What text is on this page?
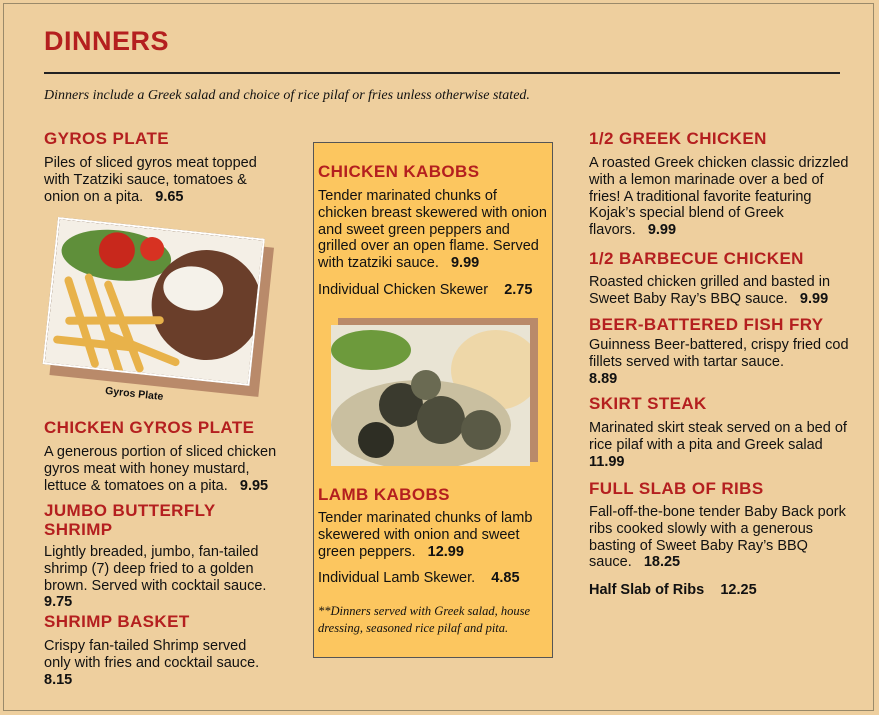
DINNERS
Dinners include a Greek salad and choice of rice pilaf or fries unless otherwise stated.
GYROS PLATE
Piles of sliced gyros meat topped with Tzatziki sauce, tomatoes & onion on a pita. 9.65
Gyros Plate
CHICKEN GYROS PLATE
A generous portion of sliced chicken gyros meat with honey mustard, lettuce & tomatoes on a pita. 9.95
JUMBO BUTTERFLY SHRIMP
Lightly breaded, jumbo, fan-tailed shrimp (7) deep fried to a golden brown. Served with cocktail sauce.
9.75
SHRIMP BASKET
Crispy fan-tailed Shrimp served only with fries and cocktail sauce.
8.15
CHICKEN KABOBS
Tender marinated chunks of chicken breast skewered with onion and sweet green peppers and grilled over an open flame. Served with tzatziki sauce. 9.99
Individual Chicken Skewer 2.75
LAMB KABOBS
Tender marinated chunks of lamb skewered with onion and sweet green peppers. 12.99
Individual Lamb Skewer. 4.85
**Dinners served with Greek salad, house dressing, seasoned rice pilaf and pita.
1/2 GREEK CHICKEN
A roasted Greek chicken classic drizzled with a lemon marinade over a bed of fries! A traditional favorite featuring Kojak’s special blend of Greek flavors. 9.99
1/2 BARBECUE CHICKEN
Roasted chicken grilled and basted in Sweet Baby Ray’s BBQ sauce. 9.99
BEER-BATTERED FISH FRY
Guinness Beer-battered, crispy fried cod fillets served with tartar sauce.
8.89
SKIRT STEAK
Marinated skirt steak served on a bed of rice pilaf with a pita and Greek salad
11.99
FULL SLAB OF RIBS
Fall-off-the-bone tender Baby Back pork ribs cooked slowly with a generous basting of Sweet Baby Ray’s BBQ sauce. 18.25
Half Slab of Ribs 12.25
